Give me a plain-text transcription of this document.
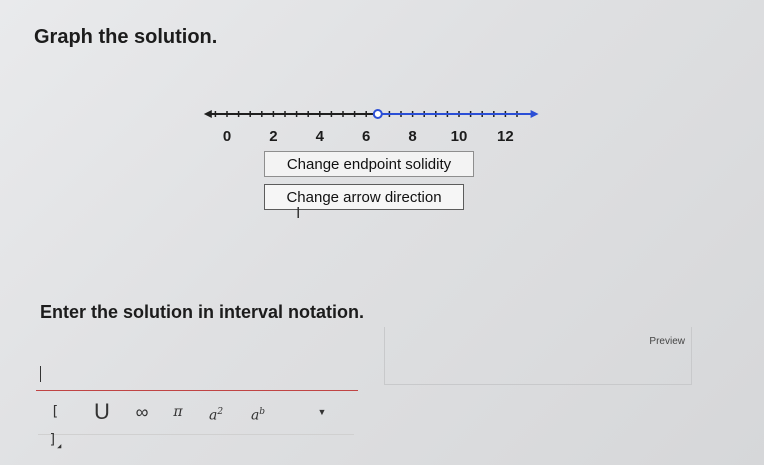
Graph the solution.
0	2	4	6	8 10 12
Change endpoint solidity
Change arrow direction
I

Enter the solution in interval notation.

Preview
[ ]$_◢$
U	∞	π	$a^2$	$a^b$	▼
